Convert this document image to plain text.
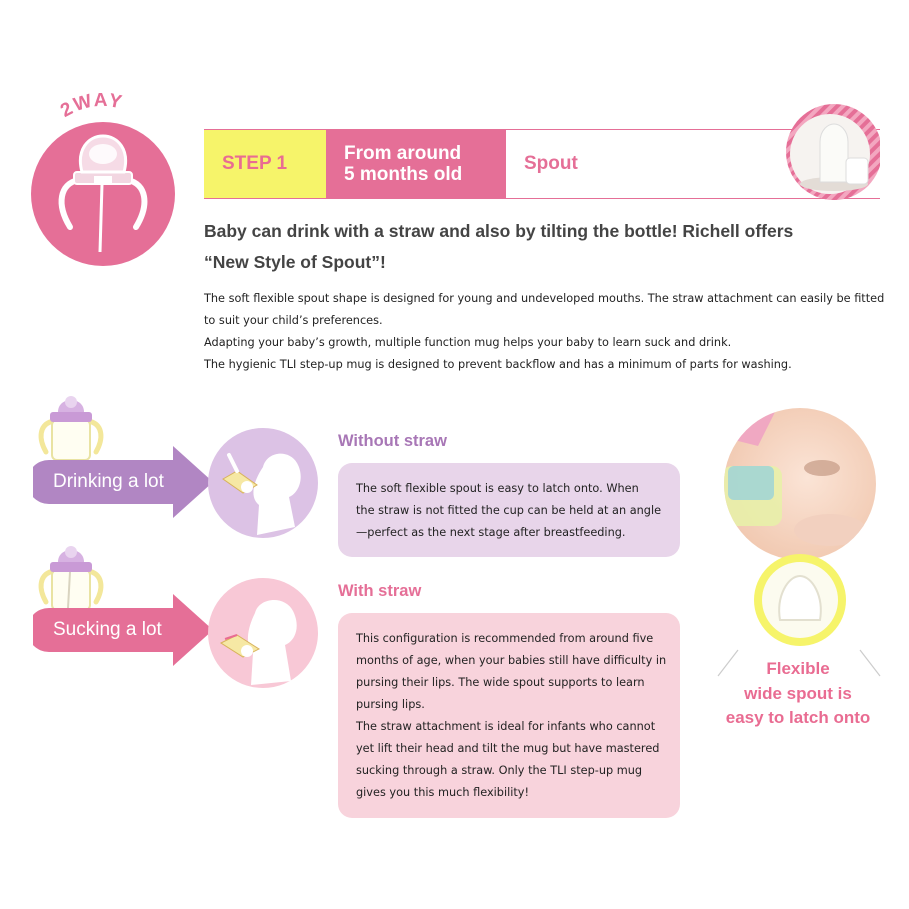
2WAY
STEP 1	From around
5 months old
Spout
Baby can drink with a straw and also by tilting the bottle! Richell offers
“New Style of Spout”!

The soft flexible spout shape is designed for young and undeveloped mouths. The straw attachment can easily be fitted

to suit your child’s preferences.

Adapting your baby’s growth, multiple function mug helps your baby to learn suck and drink.

The hygienic TLI step-up mug is designed to prevent backflow and has a minimum of parts for washing.

Drinking a lot
Without straw

The soft flexible spout is easy to latch onto. When

the straw is not fitted the cup can be held at an angle

—perfect as the next stage after breastfeeding.

Sucking a lot
With straw

This configuration is recommended from around five

months of age, when your babies still have difficulty in

pursing their lips. The wide spout supports to learn

pursing lips.

The straw attachment is ideal for infants who cannot

yet lift their head and tilt the mug but have mastered

sucking through a straw. Only the TLI step-up mug

gives you this much flexibility!

Flexible
wide spout is
easy to latch onto
